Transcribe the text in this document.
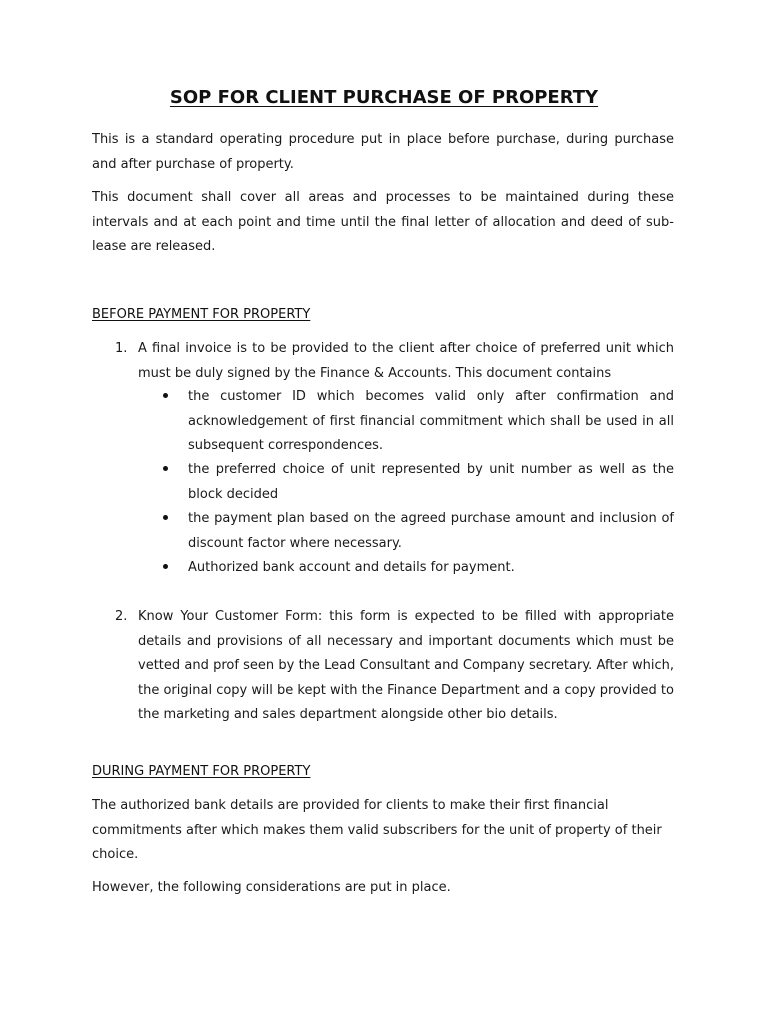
SOP FOR CLIENT PURCHASE OF PROPERTY
This is a standard operating procedure put in place before purchase, during purchase and after purchase of property.
This document shall cover all areas and processes to be maintained during these intervals and at each point and time until the final letter of allocation and deed of sub-lease are released.
BEFORE PAYMENT FOR PROPERTY
1. A final invoice is to be provided to the client after choice of preferred unit which must be duly signed by the Finance & Accounts. This document contains
the customer ID which becomes valid only after confirmation and acknowledgement of first financial commitment which shall be used in all subsequent correspondences.
the preferred choice of unit represented by unit number as well as the block decided
the payment plan based on the agreed purchase amount and inclusion of discount factor where necessary.
Authorized bank account and details for payment.
2. Know Your Customer Form: this form is expected to be filled with appropriate details and provisions of all necessary and important documents which must be vetted and prof seen by the Lead Consultant and Company secretary. After which, the original copy will be kept with the Finance Department and a copy provided to the marketing and sales department alongside other bio details.
DURING PAYMENT FOR PROPERTY
The authorized bank details are provided for clients to make their first financial commitments after which makes them valid subscribers for the unit of property of their choice.
However, the following considerations are put in place.
